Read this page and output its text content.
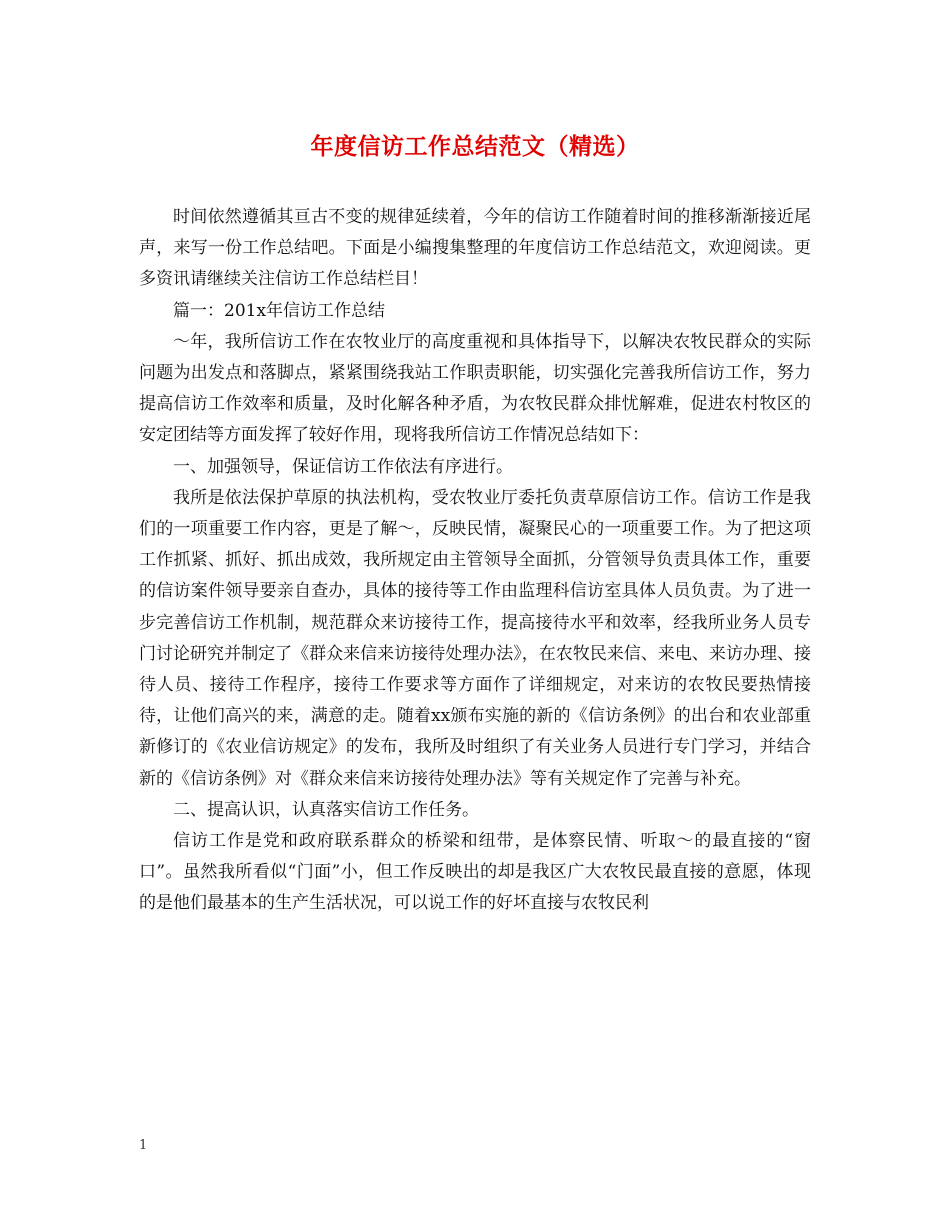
年度信访工作总结范文（精选）

时间依然遵循其亘古不变的规律延续着，今年的信访工作随着时间的推移渐渐接近尾声，来写一份工作总结吧。下面是小编搜集整理的年度信访工作总结范文，欢迎阅读。更多资讯请继续关注信访工作总结栏目！

篇一：201x年信访工作总结

～年，我所信访工作在农牧业厅的高度重视和具体指导下，以解决农牧民群众的实际问题为出发点和落脚点，紧紧围绕我站工作职责职能，切实强化完善我所信访工作，努力提高信访工作效率和质量，及时化解各种矛盾，为农牧民群众排忧解难，促进农村牧区的安定团结等方面发挥了较好作用，现将我所信访工作情况总结如下：

一、加强领导，保证信访工作依法有序进行。

我所是依法保护草原的执法机构，受农牧业厅委托负责草原信访工作。信访工作是我们的一项重要工作内容，更是了解～，反映民情，凝聚民心的一项重要工作。为了把这项工作抓紧、抓好、抓出成效，我所规定由主管领导全面抓，分管领导负责具体工作，重要的信访案件领导要亲自查办，具体的接待等工作由监理科信访室具体人员负责。为了进一步完善信访工作机制，规范群众来访接待工作，提高接待水平和效率，经我所业务人员专门讨论研究并制定了《群众来信来访接待处理办法》，在农牧民来信、来电、来访办理、接待人员、接待工作程序，接待工作要求等方面作了详细规定，对来访的农牧民要热情接待，让他们高兴的来，满意的走。随着xx颁布实施的新的《信访条例》的出台和农业部重新修订的《农业信访规定》的发布，我所及时组织了有关业务人员进行专门学习，并结合新的《信访条例》对《群众来信来访接待处理办法》等有关规定作了完善与补充。

二、提高认识，认真落实信访工作任务。

信访工作是党和政府联系群众的桥梁和纽带，是体察民情、听取～的最直接的“窗口”。虽然我所看似“门面”小，但工作反映出的却是我区广大农牧民最直接的意愿，体现的是他们最基本的生产生活状况，可以说工作的好坏直接与农牧民利

1
